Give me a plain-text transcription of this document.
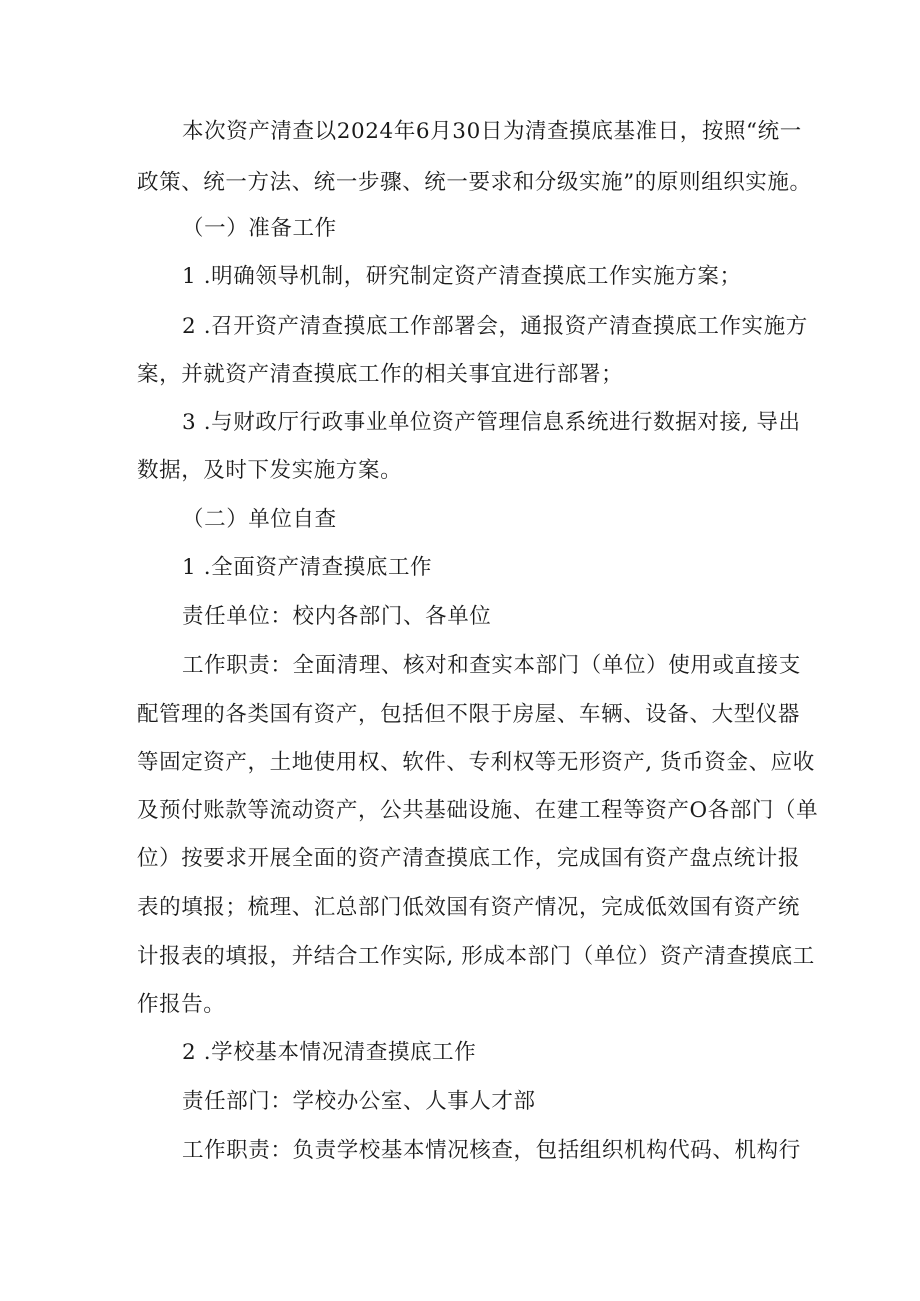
本次资产清查以2024年6月30日为清查摸底基准日，按照“统一
政策、统一方法、统一步骤、统一要求和分级实施”的原则组织实施。
（一）准备工作
1 .明确领导机制，研究制定资产清查摸底工作实施方案；
2 .召开资产清查摸底工作部署会，通报资产清查摸底工作实施方
案，并就资产清查摸底工作的相关事宜进行部署；
3 .与财政厅行政事业单位资产管理信息系统进行数据对接, 导出
数据，及时下发实施方案。
（二）单位自查
1 .全面资产清查摸底工作
责任单位：校内各部门、各单位
工作职责：全面清理、核对和查实本部门（单位）使用或直接支
配管理的各类国有资产，包括但不限于房屋、车辆、设备、大型仪器
等固定资产，土地使用权、软件、专利权等无形资产, 货币资金、应收
及预付账款等流动资产，公共基础设施、在建工程等资产O各部门（单
位）按要求开展全面的资产清查摸底工作，完成国有资产盘点统计报
表的填报；梳理、汇总部门低效国有资产情况，完成低效国有资产统
计报表的填报，并结合工作实际, 形成本部门（单位）资产清查摸底工
作报告。
2 .学校基本情况清查摸底工作
责任部门：学校办公室、人事人才部
工作职责：负责学校基本情况核查，包括组织机构代码、机构行
